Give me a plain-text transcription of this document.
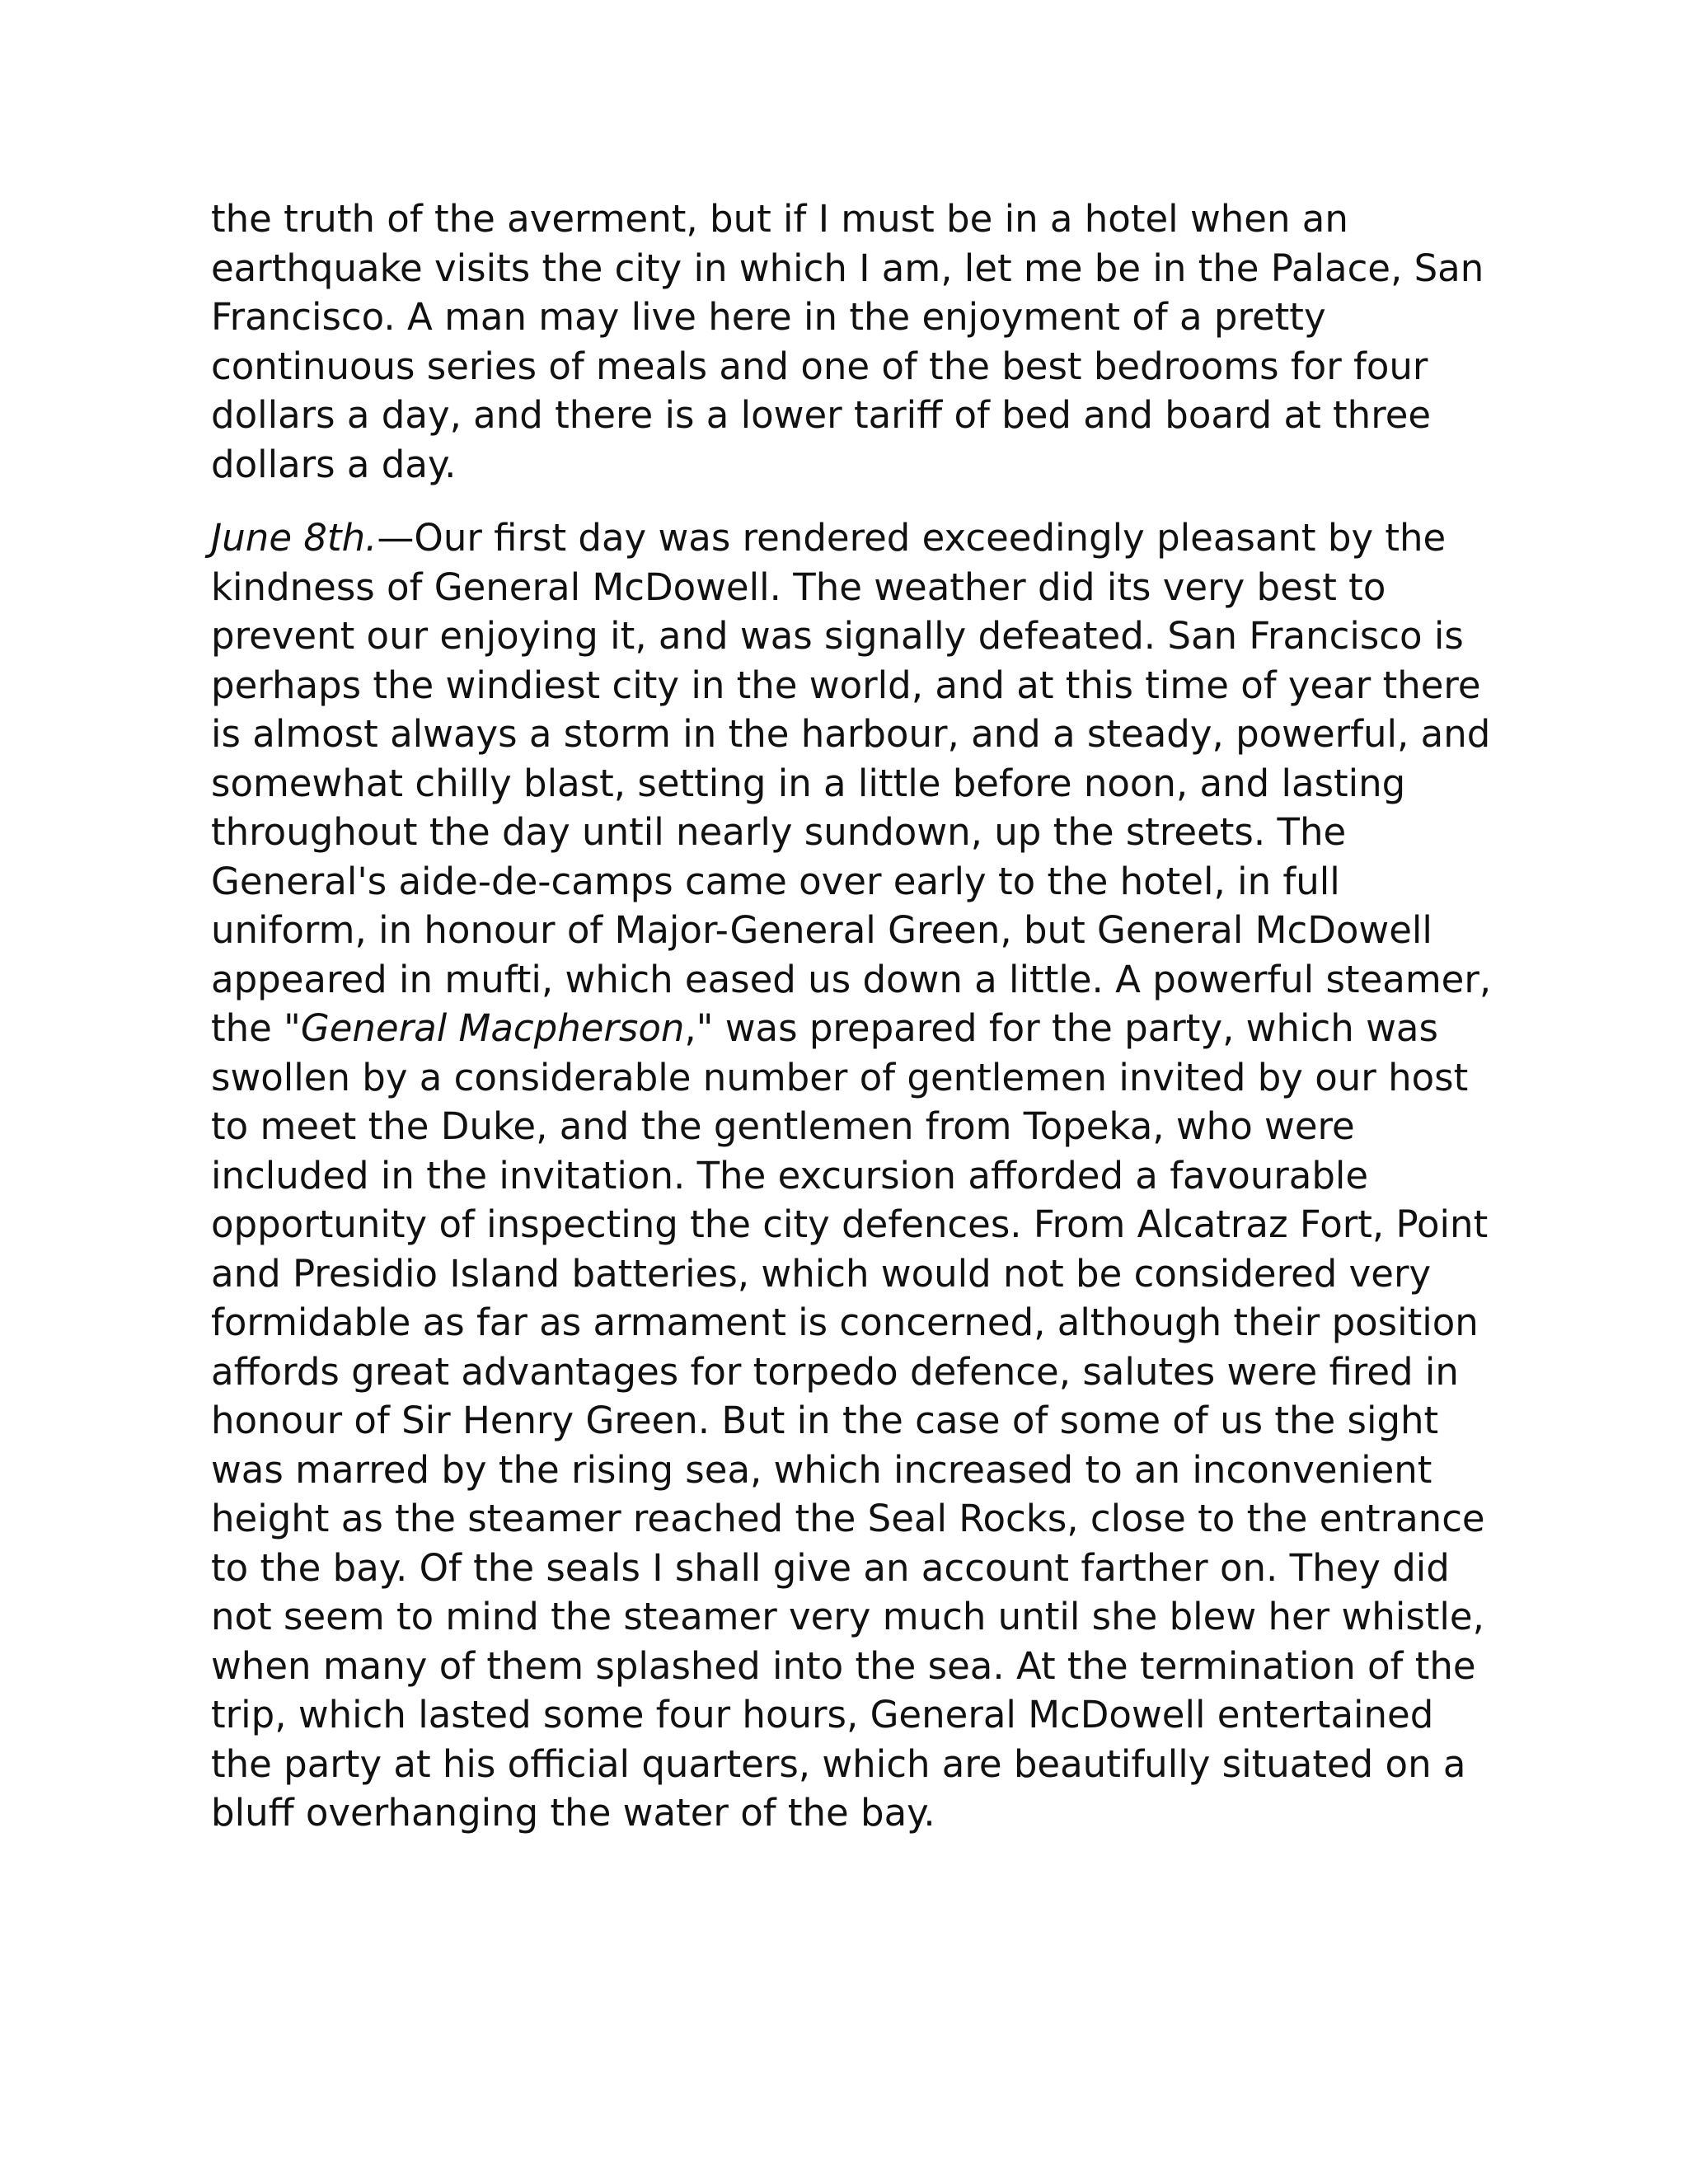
the truth of the averment, but if I must be in a hotel when an
earthquake visits the city in which I am, let me be in the Palace, San
Francisco. A man may live here in the enjoyment of a pretty
continuous series of meals and one of the best bedrooms for four
dollars a day, and there is a lower tariff of bed and board at three
dollars a day.

June 8th.—Our first day was rendered exceedingly pleasant by the
kindness of General McDowell. The weather did its very best to
prevent our enjoying it, and was signally defeated. San Francisco is
perhaps the windiest city in the world, and at this time of year there
is almost always a storm in the harbour, and a steady, powerful, and
somewhat chilly blast, setting in a little before noon, and lasting
throughout the day until nearly sundown, up the streets. The
General's aide-de-camps came over early to the hotel, in full
uniform, in honour of Major-General Green, but General McDowell
appeared in mufti, which eased us down a little. A powerful steamer,
the "General Macpherson," was prepared for the party, which was
swollen by a considerable number of gentlemen invited by our host
to meet the Duke, and the gentlemen from Topeka, who were
included in the invitation. The excursion afforded a favourable
opportunity of inspecting the city defences. From Alcatraz Fort, Point
and Presidio Island batteries, which would not be considered very
formidable as far as armament is concerned, although their position
affords great advantages for torpedo defence, salutes were fired in
honour of Sir Henry Green. But in the case of some of us the sight
was marred by the rising sea, which increased to an inconvenient
height as the steamer reached the Seal Rocks, close to the entrance
to the bay. Of the seals I shall give an account farther on. They did
not seem to mind the steamer very much until she blew her whistle,
when many of them splashed into the sea. At the termination of the
trip, which lasted some four hours, General McDowell entertained
the party at his official quarters, which are beautifully situated on a
bluff overhanging the water of the bay.
